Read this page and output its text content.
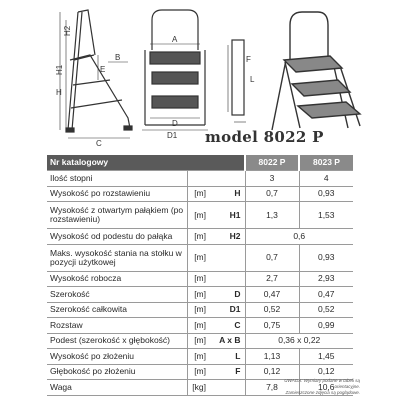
H2
H1
H
B
E
C
A
D
D1
F
L
model 8022 P
Nr katalogowy			8022 P	8023 P
Ilość stopni			3	4
Wysokość po rozstawieniu	[m]	H	0,7	0,93
Wysokość z otwartym pałąkiem (po rozstawieniu)	[m]	H1	1,3	1,53
Wysokość od podestu do pałąka	[m]	H2	0,6	
Maks. wysokość stania na stołku w pozycji użytkowej	[m]		0,7	0,93
Wysokość robocza	[m]		2,7	2,93
Szerokość	[m]	D	0,47	0,47
Szerokość całkowita	[m]	D1	0,52	0,52
Rozstaw	[m]	C	0,75	0,99
Podest (szerokość x głębokość)	[m]	A x B	0,36 x 0,22	
Wysokość po złożeniu	[m]	L	1,13	1,45
Głębokość po złożeniu	[m]	F	0,12	0,12
Waga	[kg]		7,8	10,6
UWAGA: Wymiary podane w tabeli są orientacyjne.
Zamieszczone zdjęcia są poglądowe.
